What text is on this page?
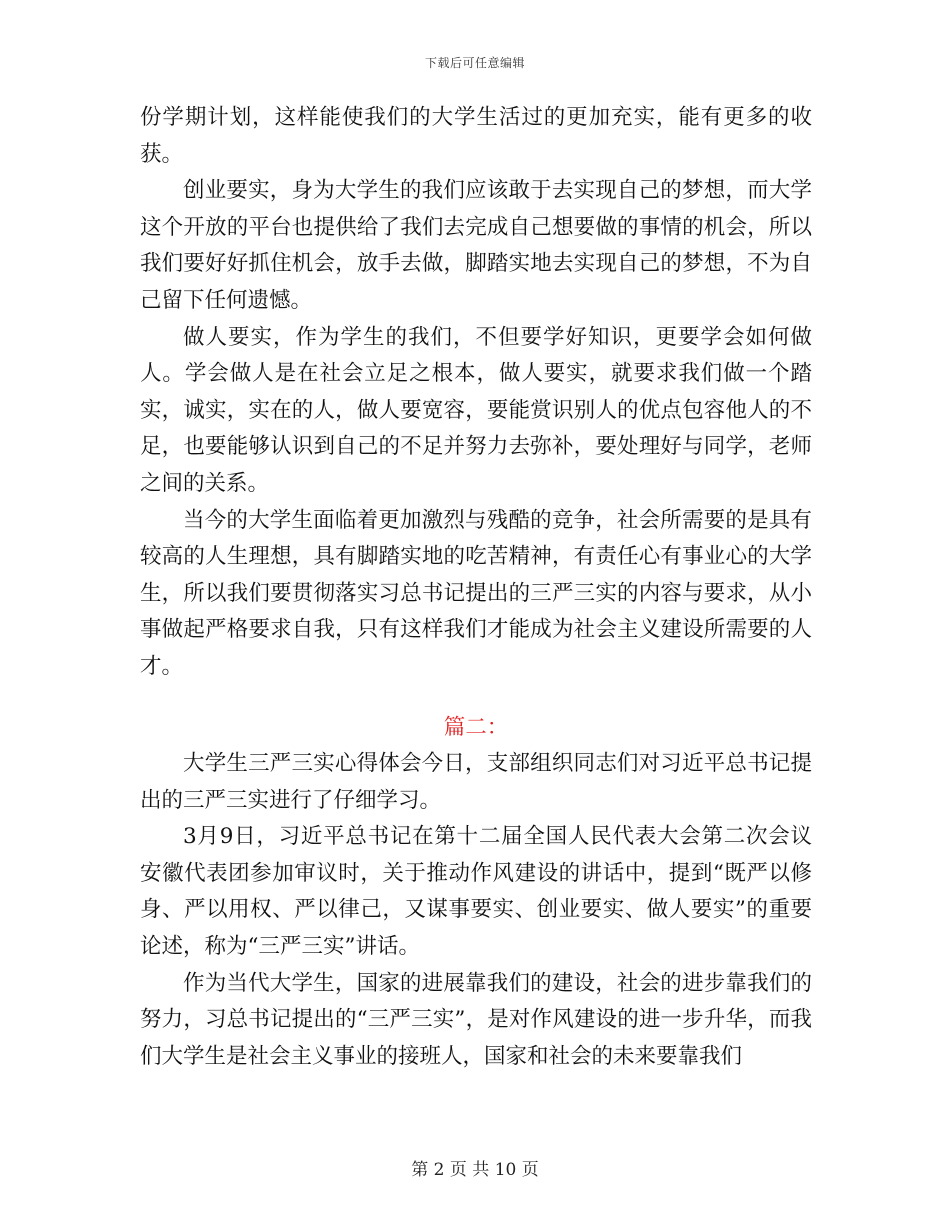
下载后可任意编辑

份学期计划，这样能使我们的大学生活过的更加充实，能有更多的收获。

创业要实，身为大学生的我们应该敢于去实现自己的梦想，而大学这个开放的平台也提供给了我们去完成自己想要做的事情的机会，所以我们要好好抓住机会，放手去做，脚踏实地去实现自己的梦想，不为自己留下任何遗憾。

做人要实，作为学生的我们，不但要学好知识，更要学会如何做人。学会做人是在社会立足之根本，做人要实，就要求我们做一个踏实，诚实，实在的人，做人要宽容，要能赏识别人的优点包容他人的不足，也要能够认识到自己的不足并努力去弥补，要处理好与同学，老师之间的关系。

当今的大学生面临着更加激烈与残酷的竞争，社会所需要的是具有较高的人生理想，具有脚踏实地的吃苦精神，有责任心有事业心的大学生，所以我们要贯彻落实习总书记提出的三严三实的内容与要求，从小事做起严格要求自我，只有这样我们才能成为社会主义建设所需要的人才。

篇二：

大学生三严三实心得体会今日，支部组织同志们对习近平总书记提出的三严三实进行了仔细学习。

3月9日，习近平总书记在第十二届全国人民代表大会第二次会议安徽代表团参加审议时，关于推动作风建设的讲话中，提到“既严以修身、严以用权、严以律己，又谋事要实、创业要实、做人要实”的重要论述，称为“三严三实”讲话。

作为当代大学生，国家的进展靠我们的建设，社会的进步靠我们的努力，习总书记提出的“三严三实”，是对作风建设的进一步升华，而我们大学生是社会主义事业的接班人，国家和社会的未来要靠我们

第 2 页 共 10 页
